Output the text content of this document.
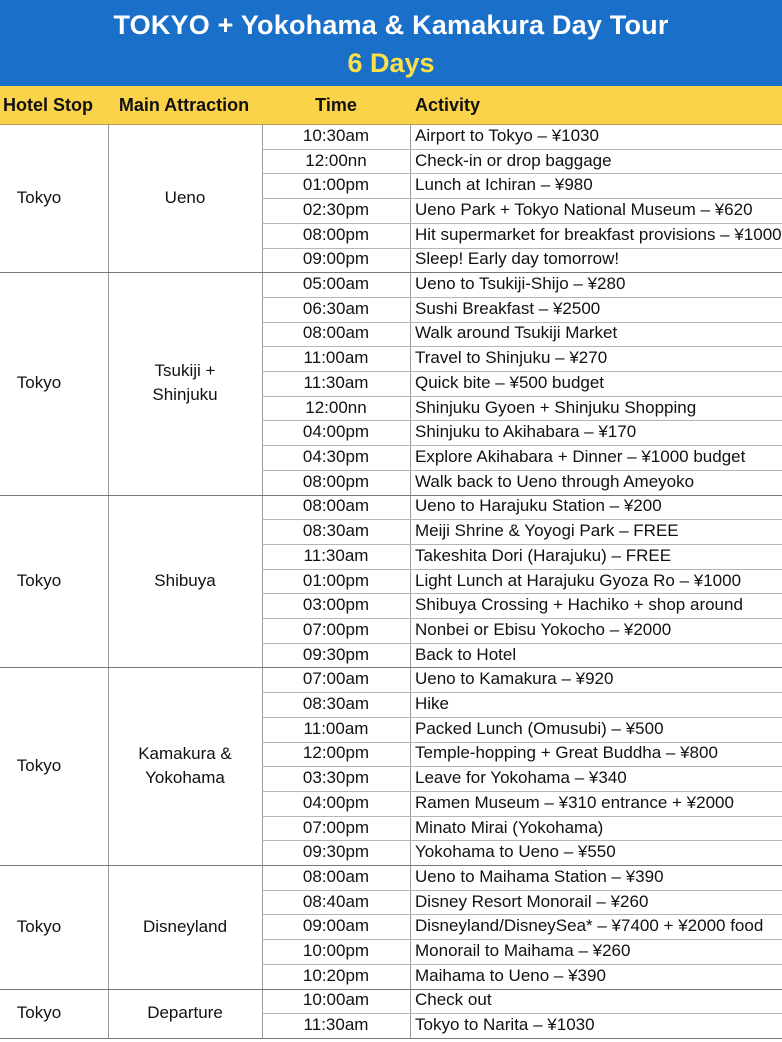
TOKYO + Yokohama & Kamakura Day Tour
6 Days
Hotel Stop	Main Attraction	Time	Activity
Tokyo	Ueno
10:30am	Airport to Tokyo – ¥1030
12:00nn	Check-in or drop baggage
01:00pm	Lunch at Ichiran – ¥980
02:30pm	Ueno Park + Tokyo National Museum – ¥620
08:00pm	Hit supermarket for breakfast provisions – ¥1000
09:00pm	Sleep! Early day tomorrow!
Tokyo
Tsukiji + Shinjuku
05:00am	Ueno to Tsukiji-Shijo – ¥280
06:30am	Sushi Breakfast – ¥2500
08:00am	Walk around Tsukiji Market
11:00am	Travel to Shinjuku – ¥270
11:30am	Quick bite – ¥500 budget
12:00nn	Shinjuku Gyoen + Shinjuku Shopping
04:00pm	Shinjuku to Akihabara – ¥170
04:30pm	Explore Akihabara + Dinner – ¥1000 budget
08:00pm	Walk back to Ueno through Ameyoko
Tokyo	Shibuya
08:00am	Ueno to Harajuku Station – ¥200
08:30am	Meiji Shrine & Yoyogi Park – FREE
11:30am	Takeshita Dori (Harajuku) – FREE
01:00pm	Light Lunch at Harajuku Gyoza Ro – ¥1000
03:00pm	Shibuya Crossing + Hachiko + shop around
07:00pm	Nonbei or Ebisu Yokocho – ¥2000
09:30pm	Back to Hotel
Tokyo
Kamakura & Yokohama
07:00am	Ueno to Kamakura – ¥920
08:30am	Hike
11:00am	Packed Lunch (Omusubi) – ¥500
12:00pm	Temple-hopping + Great Buddha – ¥800
03:30pm	Leave for Yokohama – ¥340
04:00pm	Ramen Museum – ¥310 entrance + ¥2000
07:00pm	Minato Mirai (Yokohama)
09:30pm	Yokohama to Ueno – ¥550
Tokyo	Disneyland
08:00am	Ueno to Maihama Station – ¥390
08:40am	Disney Resort Monorail – ¥260
09:00am	Disneyland/DisneySea* – ¥7400 + ¥2000 food
10:00pm	Monorail to Maihama – ¥260
10:20pm	Maihama to Ueno – ¥390
Tokyo	Departure
10:00am	Check out
11:30am	Tokyo to Narita – ¥1030
